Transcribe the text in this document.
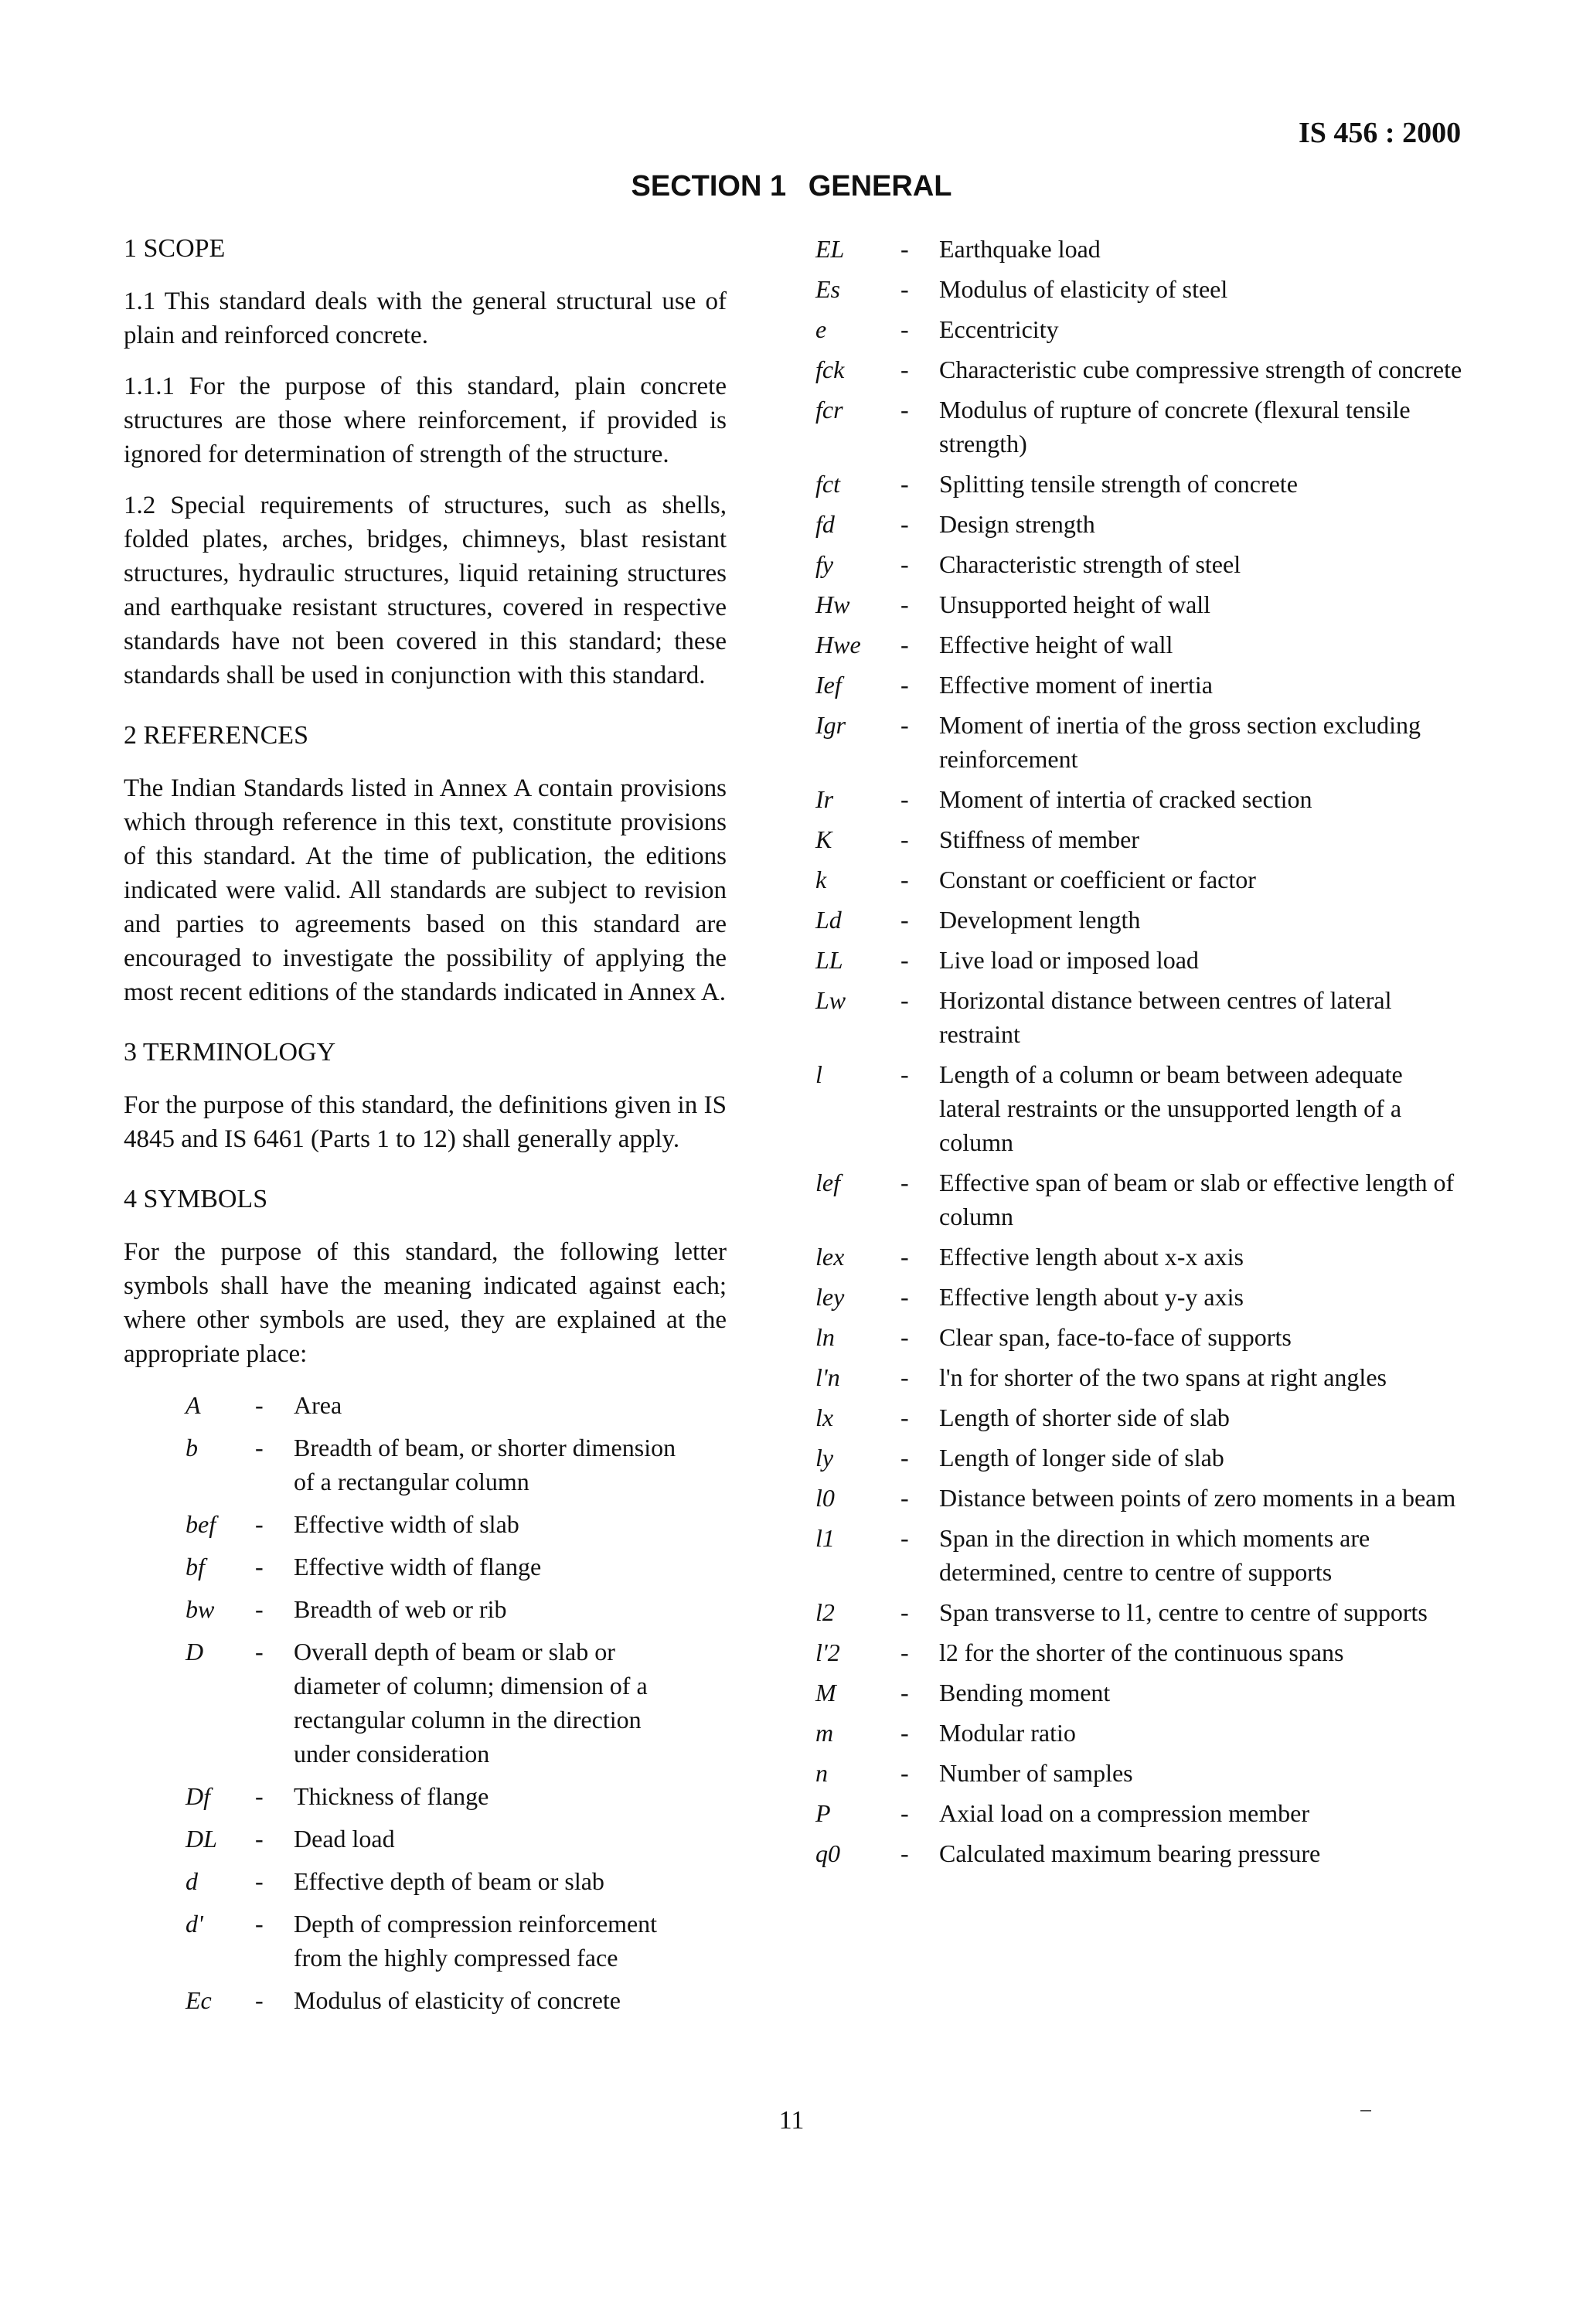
IS 456 : 2000
SECTION 1 GENERAL
1 SCOPE

1.1 This standard deals with the general structural use of plain and reinforced concrete.

1.1.1 For the purpose of this standard, plain concrete structures are those where reinforcement, if provided is ignored for determination of strength of the structure.

1.2 Special requirements of structures, such as shells, folded plates, arches, bridges, chimneys, blast resistant structures, hydraulic structures, liquid retaining structures and earthquake resistant structures, covered in respective standards have not been covered in this standard; these standards shall be used in conjunction with this standard.

2 REFERENCES

The Indian Standards listed in Annex A contain provisions which through reference in this text, constitute provisions of this standard. At the time of publication, the editions indicated were valid. All standards are subject to revision and parties to agreements based on this standard are encouraged to investigate the possibility of applying the most recent editions of the standards indicated in Annex A.

3 TERMINOLOGY

For the purpose of this standard, the definitions given in IS 4845 and IS 6461 (Parts 1 to 12) shall generally apply.

4 SYMBOLS

For the purpose of this standard, the following letter symbols shall have the meaning indicated against each; where other symbols are used, they are explained at the appropriate place:

A	-	Area
b	-	Breadth of beam, or shorter dimension of a rectangular column
bef	-	Effective width of slab
bf	-	Effective width of flange
bw	-	Breadth of web or rib
D	-	Overall depth of beam or slab or diameter of column; dimension of a rectangular column in the direction under consideration
Df	-	Thickness of flange
DL	-	Dead load
d	-	Effective depth of beam or slab
d'	-	Depth of compression reinforcement from the highly compressed face
Ec	-	Modulus of elasticity of concrete
EL	-	Earthquake load
Es	-	Modulus of elasticity of steel
e	-	Eccentricity
fck	-	Characteristic cube compressive strength of concrete
fcr	-	Modulus of rupture of concrete (flexural tensile strength)
fct	-	Splitting tensile strength of concrete
fd	-	Design strength
fy	-	Characteristic strength of steel
Hw	-	Unsupported height of wall
Hwe	-	Effective height of wall
Ief	-	Effective moment of inertia
Igr	-	Moment of inertia of the gross section excluding reinforcement
Ir	-	Moment of intertia of cracked section
K	-	Stiffness of member
k	-	Constant or coefficient or factor
Ld	-	Development length
LL	-	Live load or imposed load
Lw	-	Horizontal distance between centres of lateral restraint
l	-	Length of a column or beam between adequate lateral restraints or the unsupported length of a column
lef	-	Effective span of beam or slab or effective length of column
lex	-	Effective length about x-x axis
ley	-	Effective length about y-y axis
ln	-	Clear span, face-to-face of supports
l'n	-	l'n for shorter of the two spans at right angles
lx	-	Length of shorter side of slab
ly	-	Length of longer side of slab
l0	-	Distance between points of zero moments in a beam
l1	-	Span in the direction in which moments are determined, centre to centre of supports
l2	-	Span transverse to l1, centre to centre of supports
l'2	-	l2 for the shorter of the continuous spans
M	-	Bending moment
m	-	Modular ratio
n	-	Number of samples
P	-	Axial load on a compression member
q0	-	Calculated maximum bearing pressure
11
